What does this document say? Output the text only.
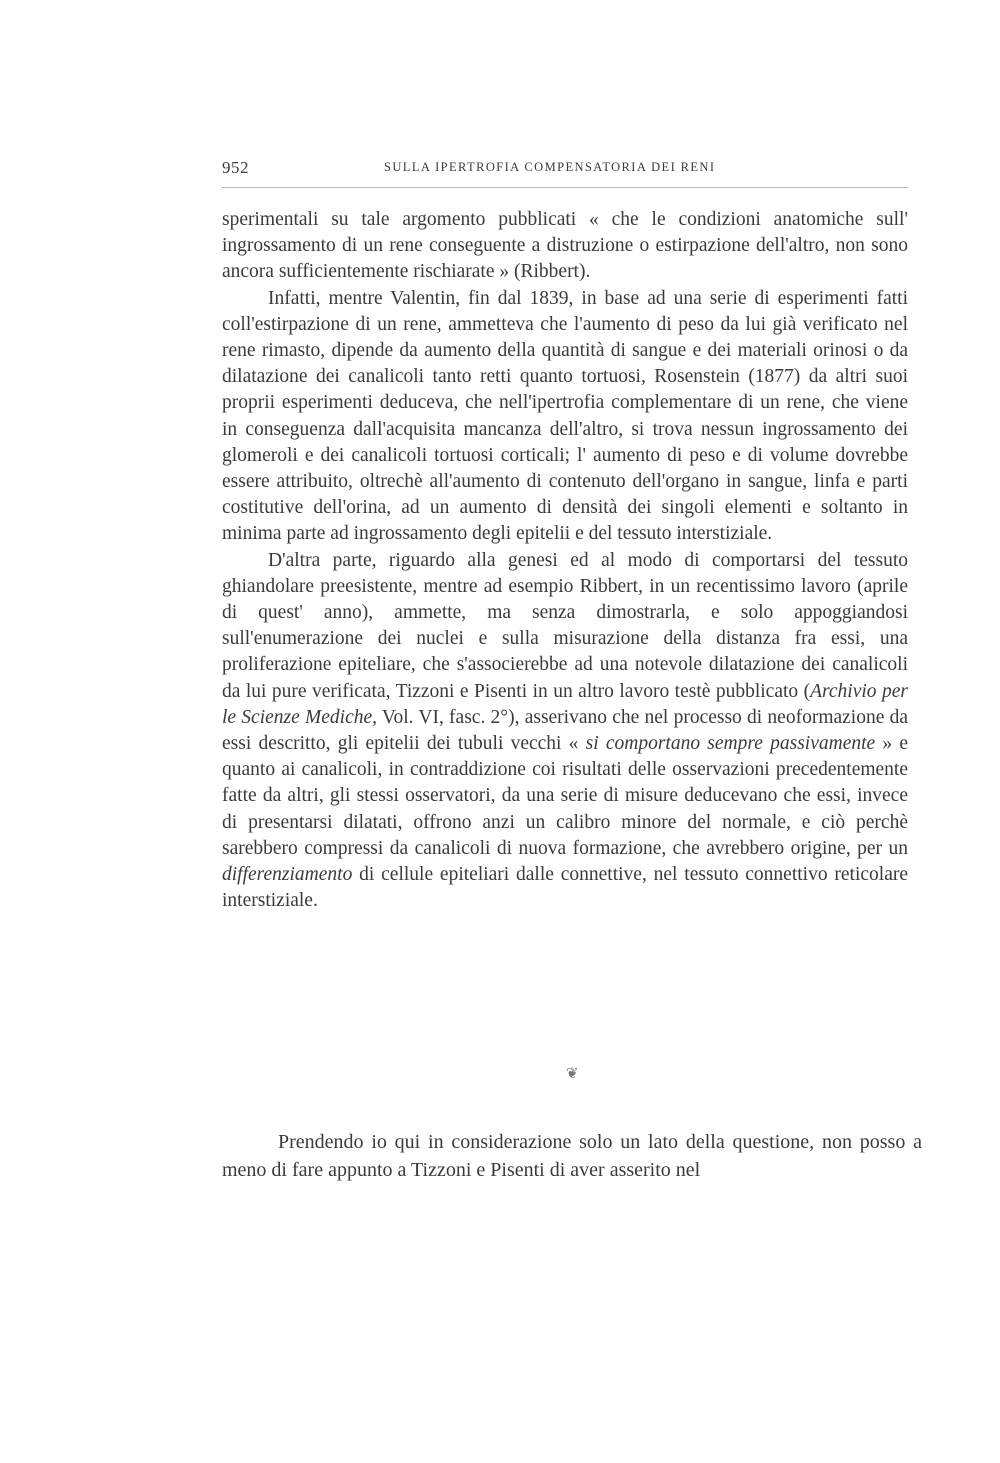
952	SULLA IPERTROFIA COMPENSATORIA DEI RENI

sperimentali su tale argomento pubblicati « che le condizioni anatomiche sull' ingrossamento di un rene conseguente a distruzione o estirpazione dell'altro, non sono ancora sufficientemente rischiarate » (Ribbert).

Infatti, mentre Valentin, fin dal 1839, in base ad una serie di esperimenti fatti coll'estirpazione di un rene, ammetteva che l'aumento di peso da lui già verificato nel rene rimasto, dipende da aumento della quantità di sangue e dei materiali orinosi o da dilatazione dei canalicoli tanto retti quanto tortuosi, Rosenstein (1877) da altri suoi proprii esperimenti deduceva, che nell'ipertrofia complementare di un rene, che viene in conseguenza dall'acquisita mancanza dell'altro, si trova nessun ingrossamento dei glomeroli e dei canalicoli tortuosi corticali; l' aumento di peso e di volume dovrebbe essere attribuito, oltrechè all'aumento di contenuto dell'organo in sangue, linfa e parti costitutive dell'orina, ad un aumento di densità dei singoli elementi e soltanto in minima parte ad ingrossamento degli epitelii e del tessuto interstiziale.

D'altra parte, riguardo alla genesi ed al modo di comportarsi del tessuto ghiandolare preesistente, mentre ad esempio Ribbert, in un recentissimo lavoro (aprile di quest' anno), ammette, ma senza dimostrarla, e solo appoggiandosi sull'enumerazione dei nuclei e sulla misurazione della distanza fra essi, una proliferazione epiteliare, che s'associerebbe ad una notevole dilatazione dei canalicoli da lui pure verificata, Tizzoni e Pisenti in un altro lavoro testè pubblicato (Archivio per le Scienze Mediche, Vol. VI, fasc. 2°), asserivano che nel processo di neoformazione da essi descritto, gli epitelii dei tubuli vecchi « si comportano sempre passivamente » e quanto ai canalicoli, in contraddizione coi risultati delle osservazioni precedentemente fatte da altri, gli stessi osservatori, da una serie di misure deducevano che essi, invece di presentarsi dilatati, offrono anzi un calibro minore del normale, e ciò perchè sarebbero compressi da canalicoli di nuova formazione, che avrebbero origine, per un differenziamento di cellule epiteliari dalle connettive, nel tessuto connettivo reticolare interstiziale.

❦

Prendendo io qui in considerazione solo un lato della questione, non posso a meno di fare appunto a Tizzoni e Pisenti di aver asserito nel
